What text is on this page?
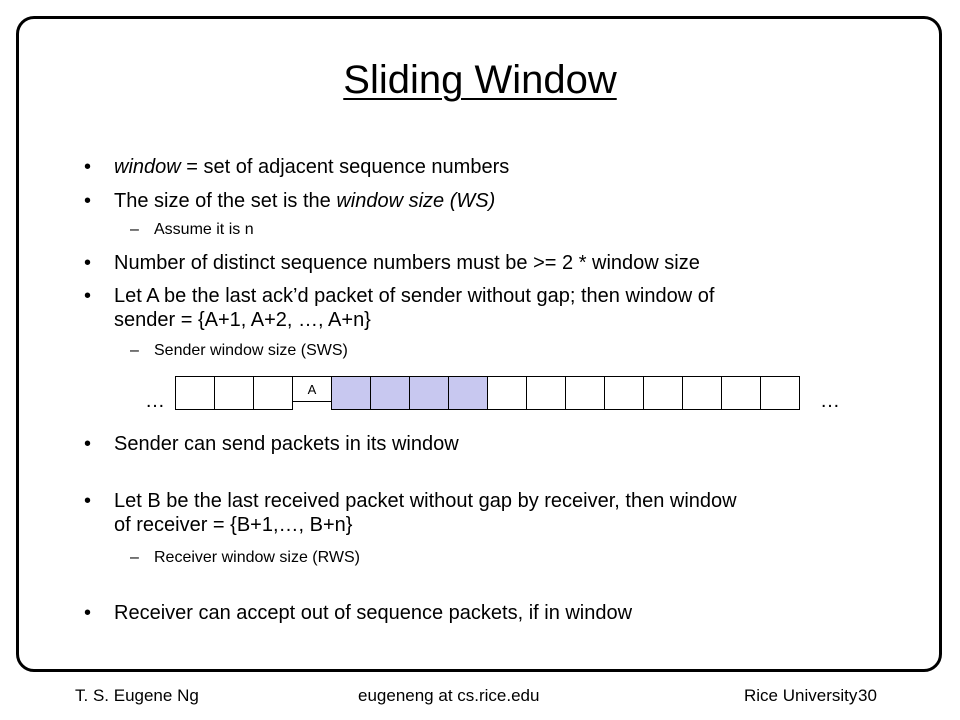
Sliding Window
• window = set of adjacent sequence numbers
• The size of the set is the window size (WS)
– Assume it is n
• Number of distinct sequence numbers must be >= 2 * window size
• Let A be the last ack’d packet of sender without gap; then window of
sender = {A+1, A+2, …, A+n}
– Sender window size (SWS)
…
A
…
• Sender can send packets in its window
• Let B be the last received packet without gap by receiver, then window
of receiver = {B+1,…, B+n}
– Receiver window size (RWS)
• Receiver can accept out of sequence packets, if in window
T. S. Eugene Ng	eugeneng at cs.rice.edu	Rice University 30
